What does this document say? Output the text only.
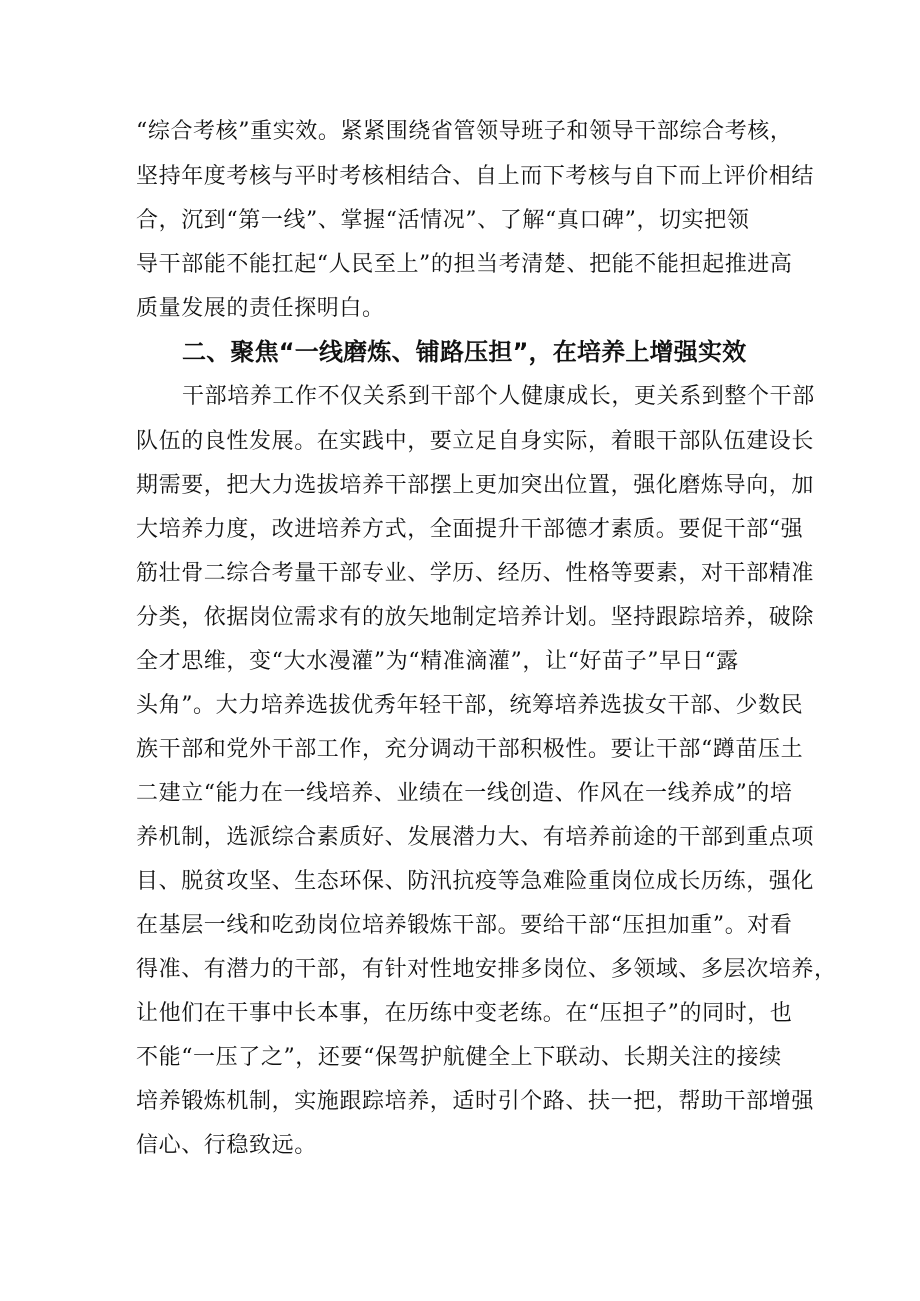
“综合考核”重实效。紧紧围绕省管领导班子和领导干部综合考核，
坚持年度考核与平时考核相结合、自上而下考核与自下而上评价相结
合，沉到“第一线”、掌握“活情况”、了解“真口碑”，切实把领
导干部能不能扛起“人民至上”的担当考清楚、把能不能担起推进高
质量发展的责任探明白。
二、聚焦“一线磨炼、铺路压担”，在培养上增强实效
干部培养工作不仅关系到干部个人健康成长，更关系到整个干部
队伍的良性发展。在实践中，要立足自身实际，着眼干部队伍建设长
期需要，把大力选拔培养干部摆上更加突出位置，强化磨炼导向，加
大培养力度，改进培养方式，全面提升干部德才素质。要促干部“强
筋壮骨二综合考量干部专业、学历、经历、性格等要素，对干部精准
分类，依据岗位需求有的放矢地制定培养计划。坚持跟踪培养，破除
全才思维，变“大水漫灌”为“精准滴灌”，让“好苗子”早日“露
头角”。大力培养选拔优秀年轻干部，统筹培养选拔女干部、少数民
族干部和党外干部工作，充分调动干部积极性。要让干部“蹲苗压土
二建立“能力在一线培养、业绩在一线创造、作风在一线养成”的培
养机制，选派综合素质好、发展潜力大、有培养前途的干部到重点项
目、脱贫攻坚、生态环保、防汛抗疫等急难险重岗位成长历练，强化
在基层一线和吃劲岗位培养锻炼干部。要给干部“压担加重”。对看
得准、有潜力的干部，有针对性地安排多岗位、多领域、多层次培养，
让他们在干事中长本事，在历练中变老练。在“压担子”的同时，也
不能“一压了之”，还要“保驾护航健全上下联动、长期关注的接续
培养锻炼机制，实施跟踪培养，适时引个路、扶一把，帮助干部增强
信心、行稳致远。
